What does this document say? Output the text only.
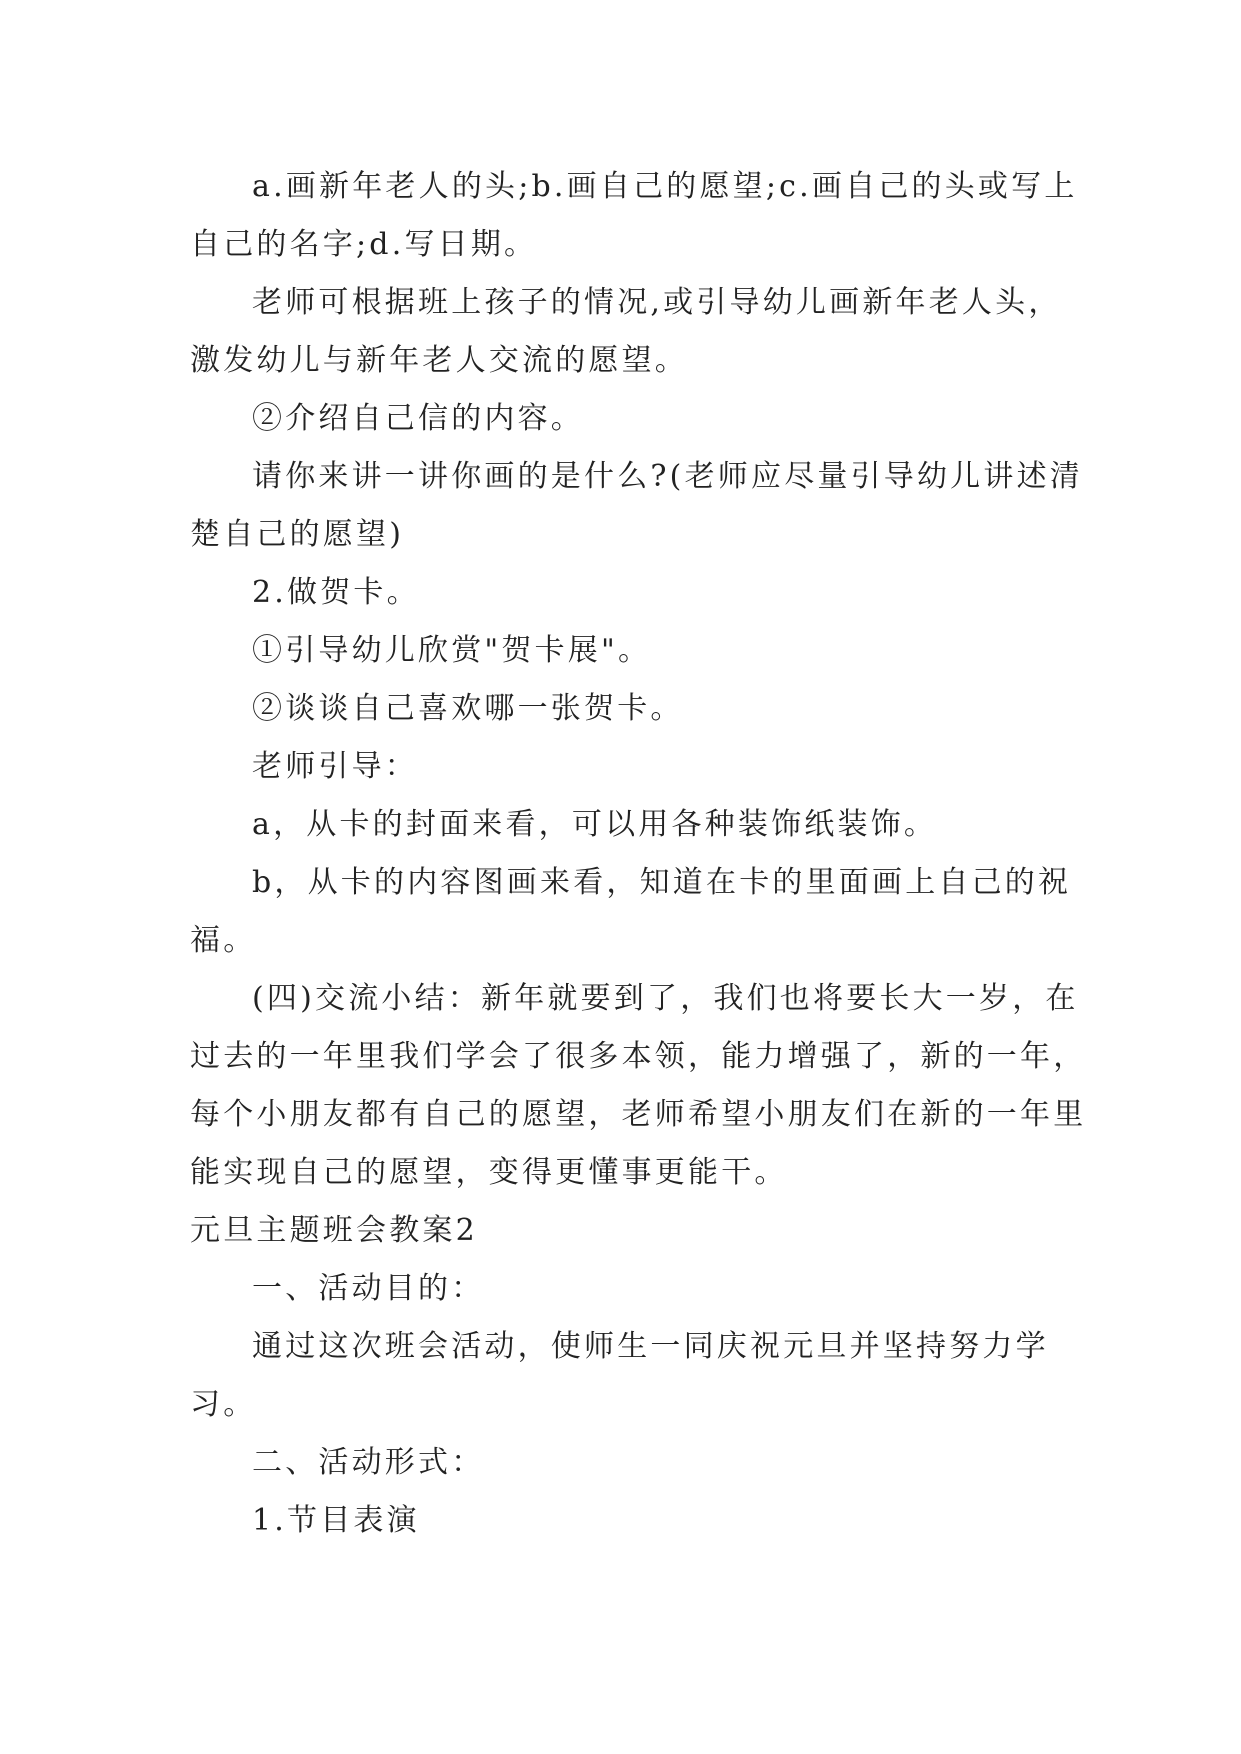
a.画新年老人的头;b.画自己的愿望;c.画自己的头或写上自己的名字;d.写日期。

老师可根据班上孩子的情况,或引导幼儿画新年老人头，激发幼儿与新年老人交流的愿望。

②介绍自己信的内容。

请你来讲一讲你画的是什么?(老师应尽量引导幼儿讲述清楚自己的愿望)

2.做贺卡。

①引导幼儿欣赏"贺卡展"。

②谈谈自己喜欢哪一张贺卡。

老师引导：

a，从卡的封面来看，可以用各种装饰纸装饰。

b，从卡的内容图画来看，知道在卡的里面画上自己的祝福。

(四)交流小结：新年就要到了，我们也将要长大一岁，在过去的一年里我们学会了很多本领，能力增强了，新的一年，每个小朋友都有自己的愿望，老师希望小朋友们在新的一年里能实现自己的愿望，变得更懂事更能干。

元旦主题班会教案2

一、活动目的：

通过这次班会活动，使师生一同庆祝元旦并坚持努力学习。

二、活动形式：

1.节目表演
